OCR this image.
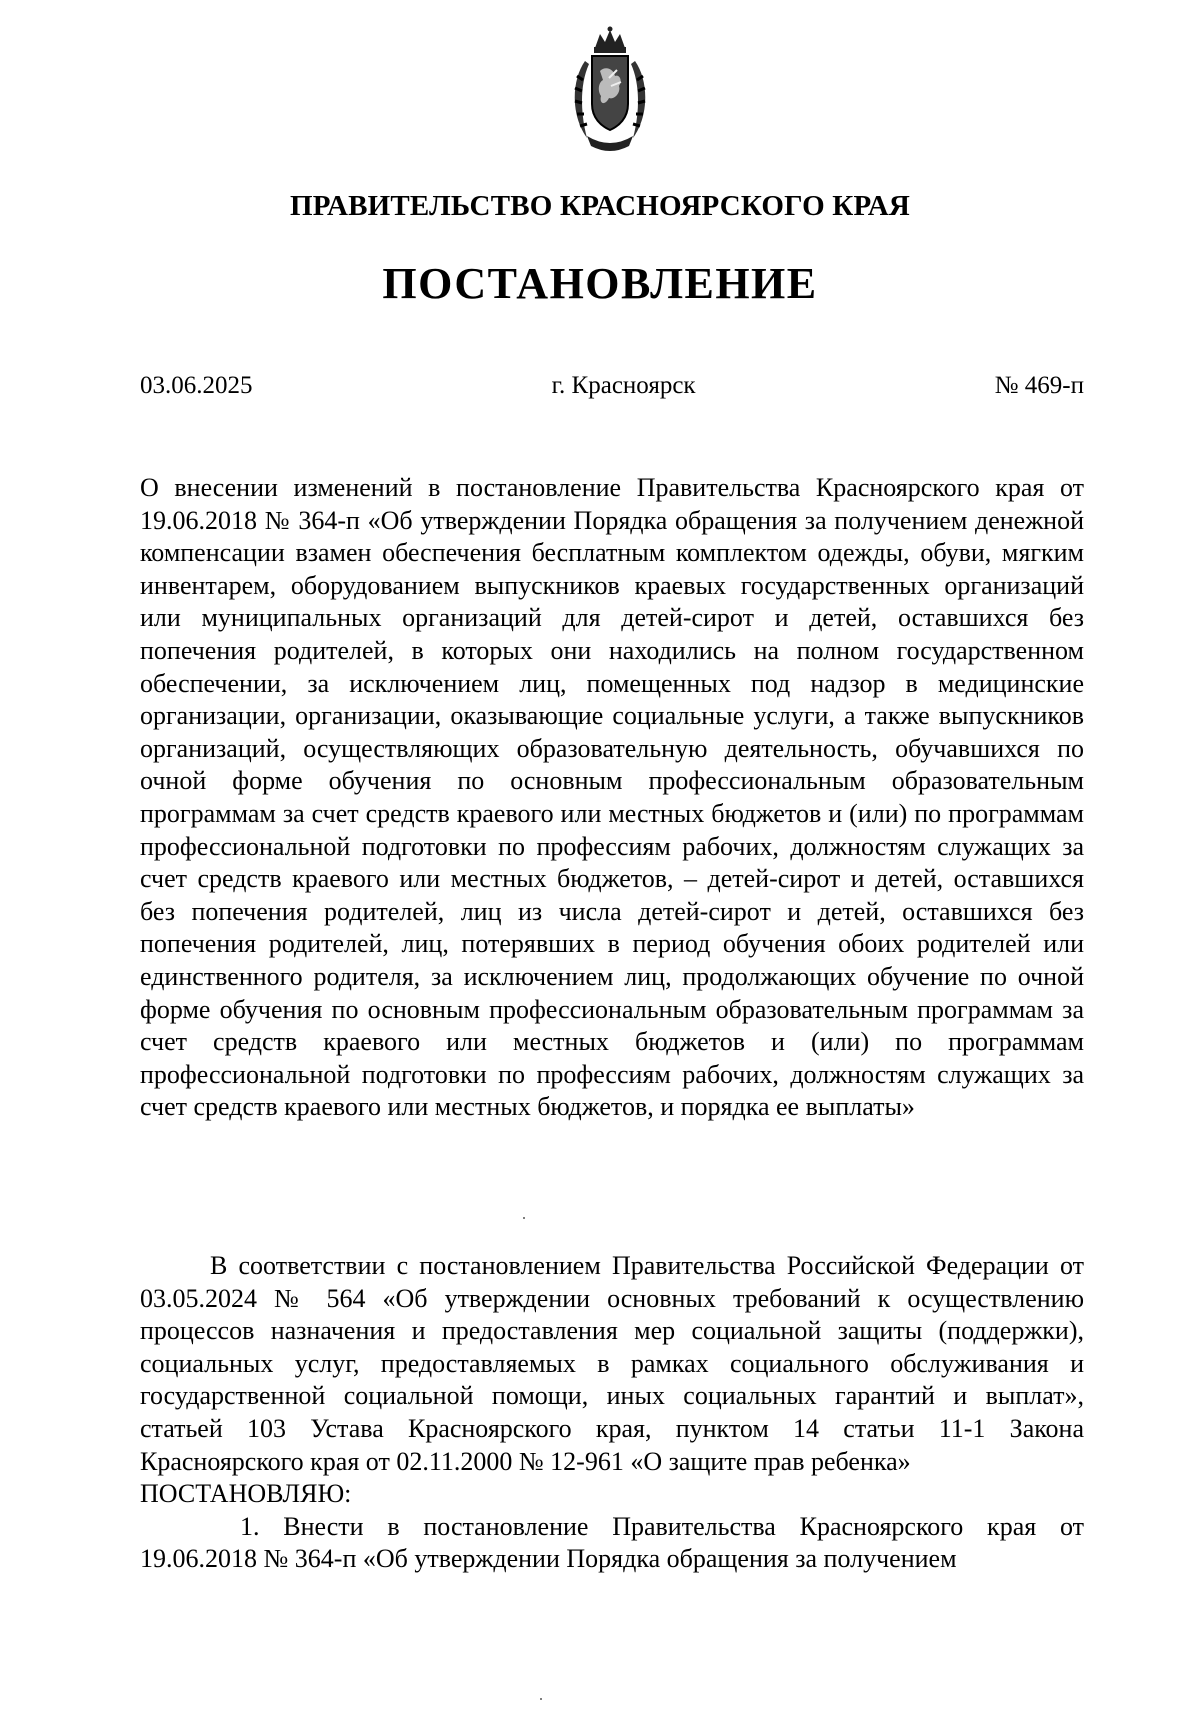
ПРАВИТЕЛЬСТВО КРАСНОЯРСКОГО КРАЯ
ПОСТАНОВЛЕНИЕ
03.06.2025	г. Красноярск	№ 469-п
О внесении изменений в постановление Правительства Красноярского края от 19.06.2018 № 364-п «Об утверждении Порядка обращения за получением денежной компенсации взамен обеспечения бесплатным комплектом одежды, обуви, мягким инвентарем, оборудованием выпускников краевых государственных организаций или муниципальных организаций для детей-сирот и детей, оставшихся без попечения родителей, в которых они находились на полном государственном обеспечении, за исключением лиц, помещенных под надзор в медицинские организации, организации, оказывающие социальные услуги, а также выпускников организаций, осуществляющих образовательную деятельность, обучавшихся по очной форме обучения по основным профессиональным образовательным программам за счет средств краевого или местных бюджетов и (или) по программам профессиональной подготовки по профессиям рабочих, должностям служащих за счет средств краевого или местных бюджетов, – детей-сирот и детей, оставшихся без попечения родителей, лиц из числа детей-сирот и детей, оставшихся без попечения родителей, лиц, потерявших в период обучения обоих родителей или единственного родителя, за исключением лиц, продолжающих обучение по очной форме обучения по основным профессиональным образовательным программам за счет средств краевого или местных бюджетов и (или) по программам профессиональной подготовки по профессиям рабочих, должностям служащих за счет средств краевого или местных бюджетов, и порядка ее выплаты»

В соответствии с постановлением Правительства Российской Федерации от 03.05.2024 № 564 «Об утверждении основных требований к осуществлению процессов назначения и предоставления мер социальной защиты (поддержки), социальных услуг, предоставляемых в рамках социального обслуживания и государственной социальной помощи, иных социальных гарантий и выплат», статьей 103 Устава Красноярского края, пунктом 14 статьи 11-1 Закона Красноярского края от 02.11.2000 № 12-961 «О защите прав ребенка»

ПОСТАНОВЛЯЮ:

1. Внести в постановление Правительства Красноярского края от 19.06.2018 № 364-п «Об утверждении Порядка обращения за получением
